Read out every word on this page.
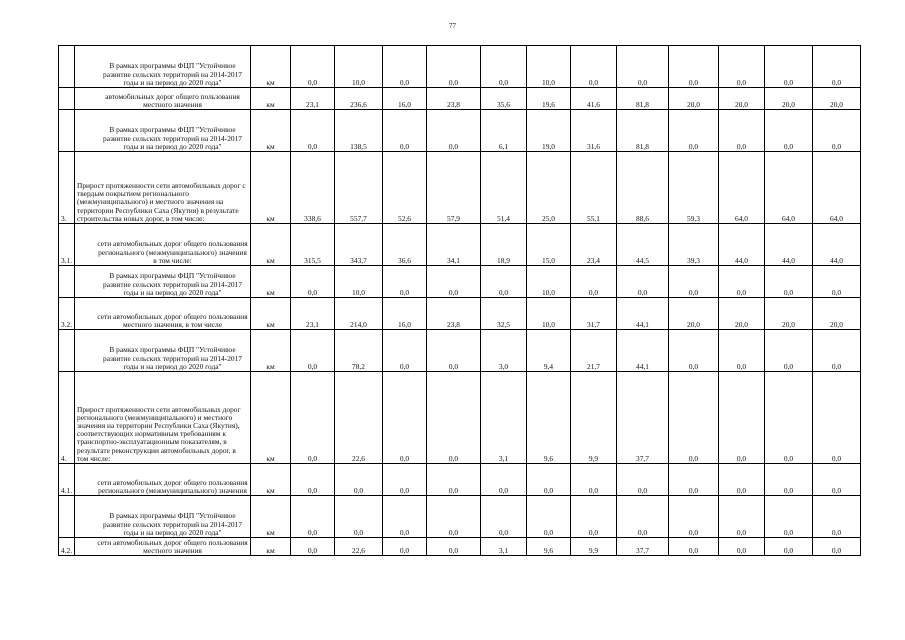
77
	В рамках программы ФЦП "Устойчивое развитие сельских территорий на 2014-2017 годы и на период до 2020 года"	км	0,0	10,0	0,0	0,0	0,0	10,0	0,0	0,0	0,0	0,0	0,0	0,0
	автомобильных дорог общего пользования местного значения	км	23,1	236,6	16,0	23,8	35,6	19,6	41,6	81,8	20,0	20,0	20,0	20,0
	В рамках программы ФЦП "Устойчивое развитие сельских территорий на 2014-2017 годы и на период до 2020 года"	км	0,0	138,5	0,0	0,0	6,1	19,0	31,6	81,8	0,0	0,0	0,0	0,0
3.	Прирост протяженности сети автомобильных дорог с твердым покрытием регионального (межмуниципального) и местного значения на территории Республики Саха (Якутия) в результате строительства новых дорог, в том числе:	км	338,6	557,7	52,6	57,9	51,4	25,0	55,1	88,6	59,3	64,0	64,0	64,0
3.1.	сети автомобильных дорог общего пользования регионального (межмуниципального) значения в том числе:	км	315,5	343,7	36,6	34,1	18,9	15,0	23,4	44,5	39,3	44,0	44,0	44,0
	В рамках программы ФЦП "Устойчивое развитие сельских территорий на 2014-2017 годы и на период до 2020 года"	км	0,0	10,0	0,0	0,0	0,0	10,0	0,0	0,0	0,0	0,0	0,0	0,0
3.2.	сети автомобильных дорог общего пользования местного значения, в том числе	км	23,1	214,0	16,0	23,8	32,5	10,0	31,7	44,1	20,0	20,0	20,0	20,0
	В рамках программы ФЦП "Устойчивое развитие сельских территорий на 2014-2017 годы и на период до 2020 года"	км	0,0	78,2	0,0	0,0	3,0	9,4	21,7	44,1	0,0	0,0	0,0	0,0
4.	Прирост протяженности сети автомобильных дорог регионального (межмуниципального) и местного значения на территории Республики Саха (Якутия), соответствующих нормативным требованиям к транспортно-эксплуатационным показателям, в результате реконструкции автомобильных дорог, в том числе:	км	0,0	22,6	0,0	0,0	3,1	9,6	9,9	37,7	0,0	0,0	0,0	0,0
4.1.	сети автомобильных дорог общего пользования регионального (межмуниципального) значения	км	0,0	0,0	0,0	0,0	0,0	0,0	0,0	0,0	0,0	0,0	0,0	0,0
	В рамках программы ФЦП "Устойчивое развитие сельских территорий на 2014-2017 годы и на период до 2020 года"	км	0,0	0,0	0,0	0,0	0,0	0,0	0,0	0,0	0,0	0,0	0,0	0,0
4.2.	сети автомобильных дорог общего пользования местного значения	км	0,0	22,6	0,0	0,0	3,1	9,6	9,9	37,7	0,0	0,0	0,0	0,0
